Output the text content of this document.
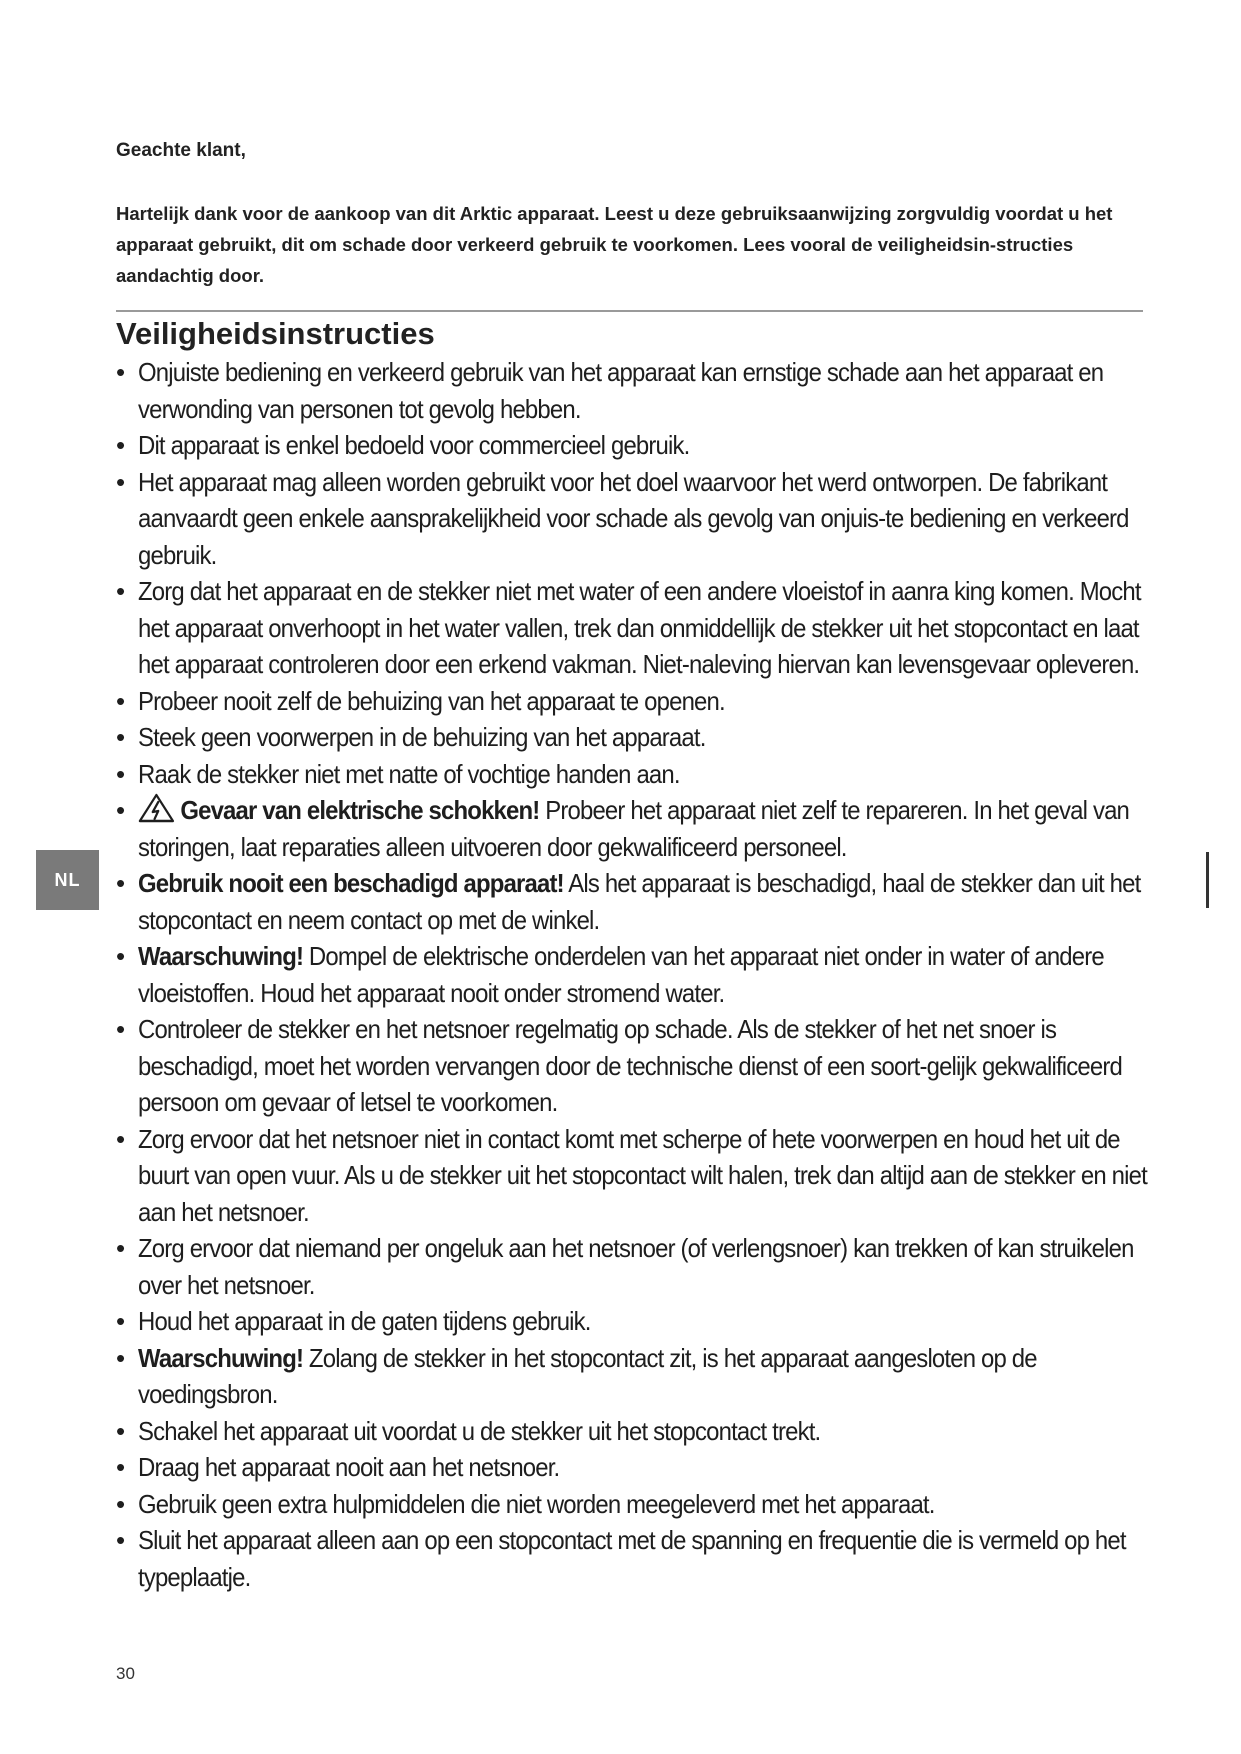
Geachte klant,

Hartelijk dank voor de aankoop van dit Arktic apparaat. Leest u deze gebruiksaanwijzing zorgvuldig voordat u het apparaat gebruikt, dit om schade door verkeerd gebruik te voorkomen. Lees vooral de veiligheidsin-structies aandachtig door.

Veiligheidsinstructies
• Onjuiste bediening en verkeerd gebruik van het apparaat kan ernstige schade aan het apparaat en verwonding van personen tot gevolg hebben.
• Dit apparaat is enkel bedoeld voor commercieel gebruik.
• Het apparaat mag alleen worden gebruikt voor het doel waarvoor het werd ontworpen. De fabrikant aanvaardt geen enkele aansprakelijkheid voor schade als gevolg van onjuis-te bediening en verkeerd gebruik.
• Zorg dat het apparaat en de stekker niet met water of een andere vloeistof in aanra king komen. Mocht het apparaat onverhoopt in het water vallen, trek dan onmiddellijk de stekker uit het stopcontact en laat het apparaat controleren door een erkend vakman. Niet-naleving hiervan kan levensgevaar opleveren.
• Probeer nooit zelf de behuizing van het apparaat te openen.
• Steek geen voorwerpen in de behuizing van het apparaat.
• Raak de stekker niet met natte of vochtige handen aan.
•	Gevaar van elektrische schokken! Probeer het apparaat niet zelf te repareren. In het geval van storingen, laat reparaties alleen uitvoeren door gekwalificeerd personeel.
• Gebruik nooit een beschadigd apparaat! Als het apparaat is beschadigd, haal de stekker dan uit het stopcontact en neem contact op met de winkel.
• Waarschuwing! Dompel de elektrische onderdelen van het apparaat niet onder in water of andere vloeistoffen. Houd het apparaat nooit onder stromend water.
• Controleer de stekker en het netsnoer regelmatig op schade. Als de stekker of het net snoer is beschadigd, moet het worden vervangen door de technische dienst of een soort-gelijk gekwalificeerd persoon om gevaar of letsel te voorkomen.
• Zorg ervoor dat het netsnoer niet in contact komt met scherpe of hete voorwerpen en houd het uit de buurt van open vuur. Als u de stekker uit het stopcontact wilt halen, trek dan altijd aan de stekker en niet aan het netsnoer.
• Zorg ervoor dat niemand per ongeluk aan het netsnoer (of verlengsnoer) kan trekken of kan struikelen over het netsnoer.
• Houd het apparaat in de gaten tijdens gebruik.
• Waarschuwing! Zolang de stekker in het stopcontact zit, is het apparaat aangesloten op de voedingsbron.
• Schakel het apparaat uit voordat u de stekker uit het stopcontact trekt.
• Draag het apparaat nooit aan het netsnoer.
• Gebruik geen extra hulpmiddelen die niet worden meegeleverd met het apparaat.
• Sluit het apparaat alleen aan op een stopcontact met de spanning en frequentie die is vermeld op het typeplaatje.
NL

30
